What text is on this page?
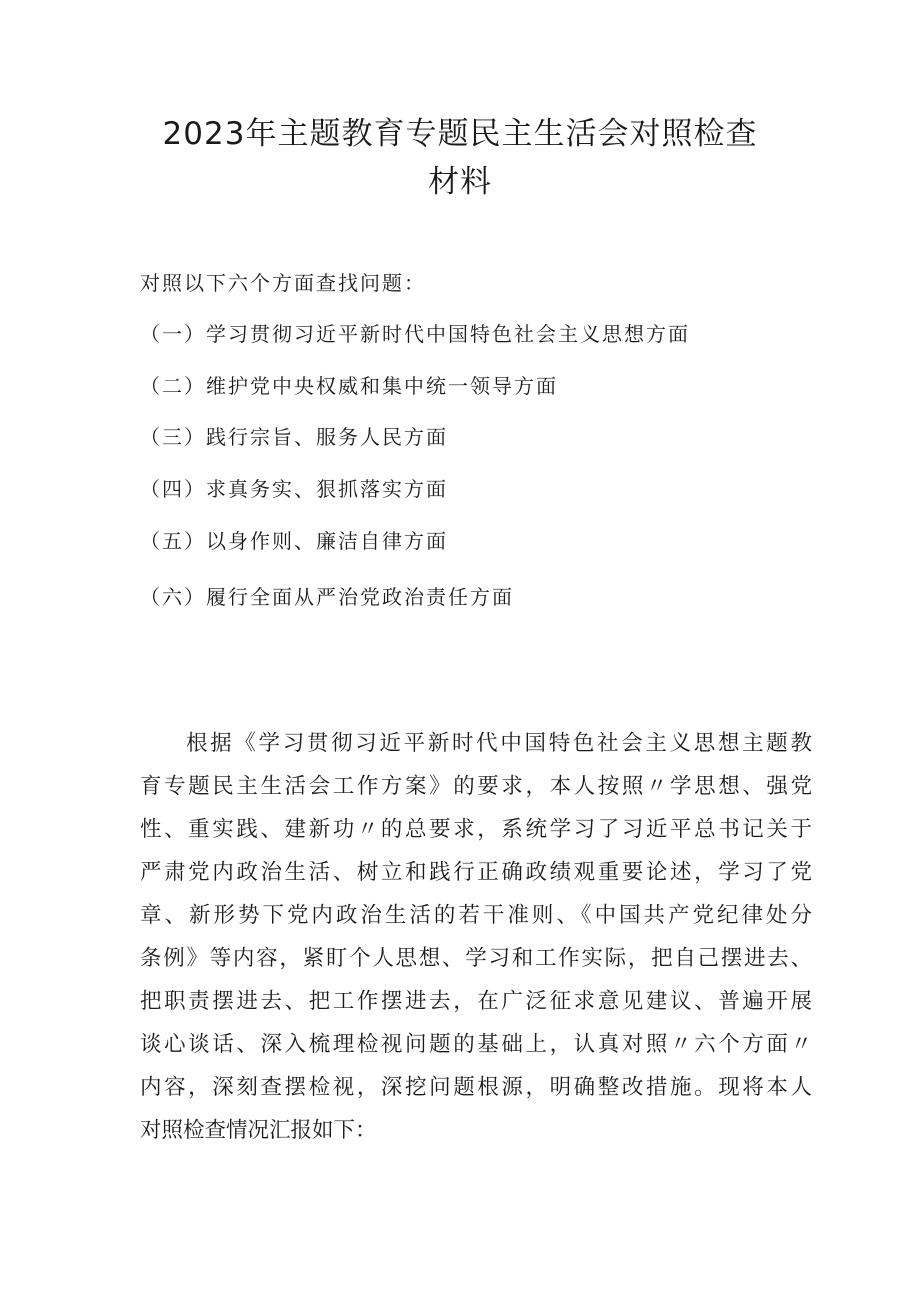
2023年主题教育专题民主生活会对照检查
材料

对照以下六个方面查找问题：

（一）学习贯彻习近平新时代中国特色社会主义思想方面

（二）维护党中央权威和集中统一领导方面

（三）践行宗旨、服务人民方面

（四）求真务实、狠抓落实方面

（五）以身作则、廉洁自律方面

（六）履行全面从严治党政治责任方面

根据《学习贯彻习近平新时代中国特色社会主义思想主题教

育专题民主生活会工作方案》的要求，本人按照〃学思想、强党

性、重实践、建新功〃的总要求，系统学习了习近平总书记关于

严肃党内政治生活、树立和践行正确政绩观重要论述，学习了党

章、新形势下党内政治生活的若干准则、《中国共产党纪律处分

条例》等内容，紧盯个人思想、学习和工作实际，把自己摆进去、

把职责摆进去、把工作摆进去，在广泛征求意见建议、普遍开展

谈心谈话、深入梳理检视问题的基础上，认真对照〃六个方面〃

内容，深刻查摆检视，深挖问题根源，明确整改措施。现将本人

对照检查情况汇报如下：
